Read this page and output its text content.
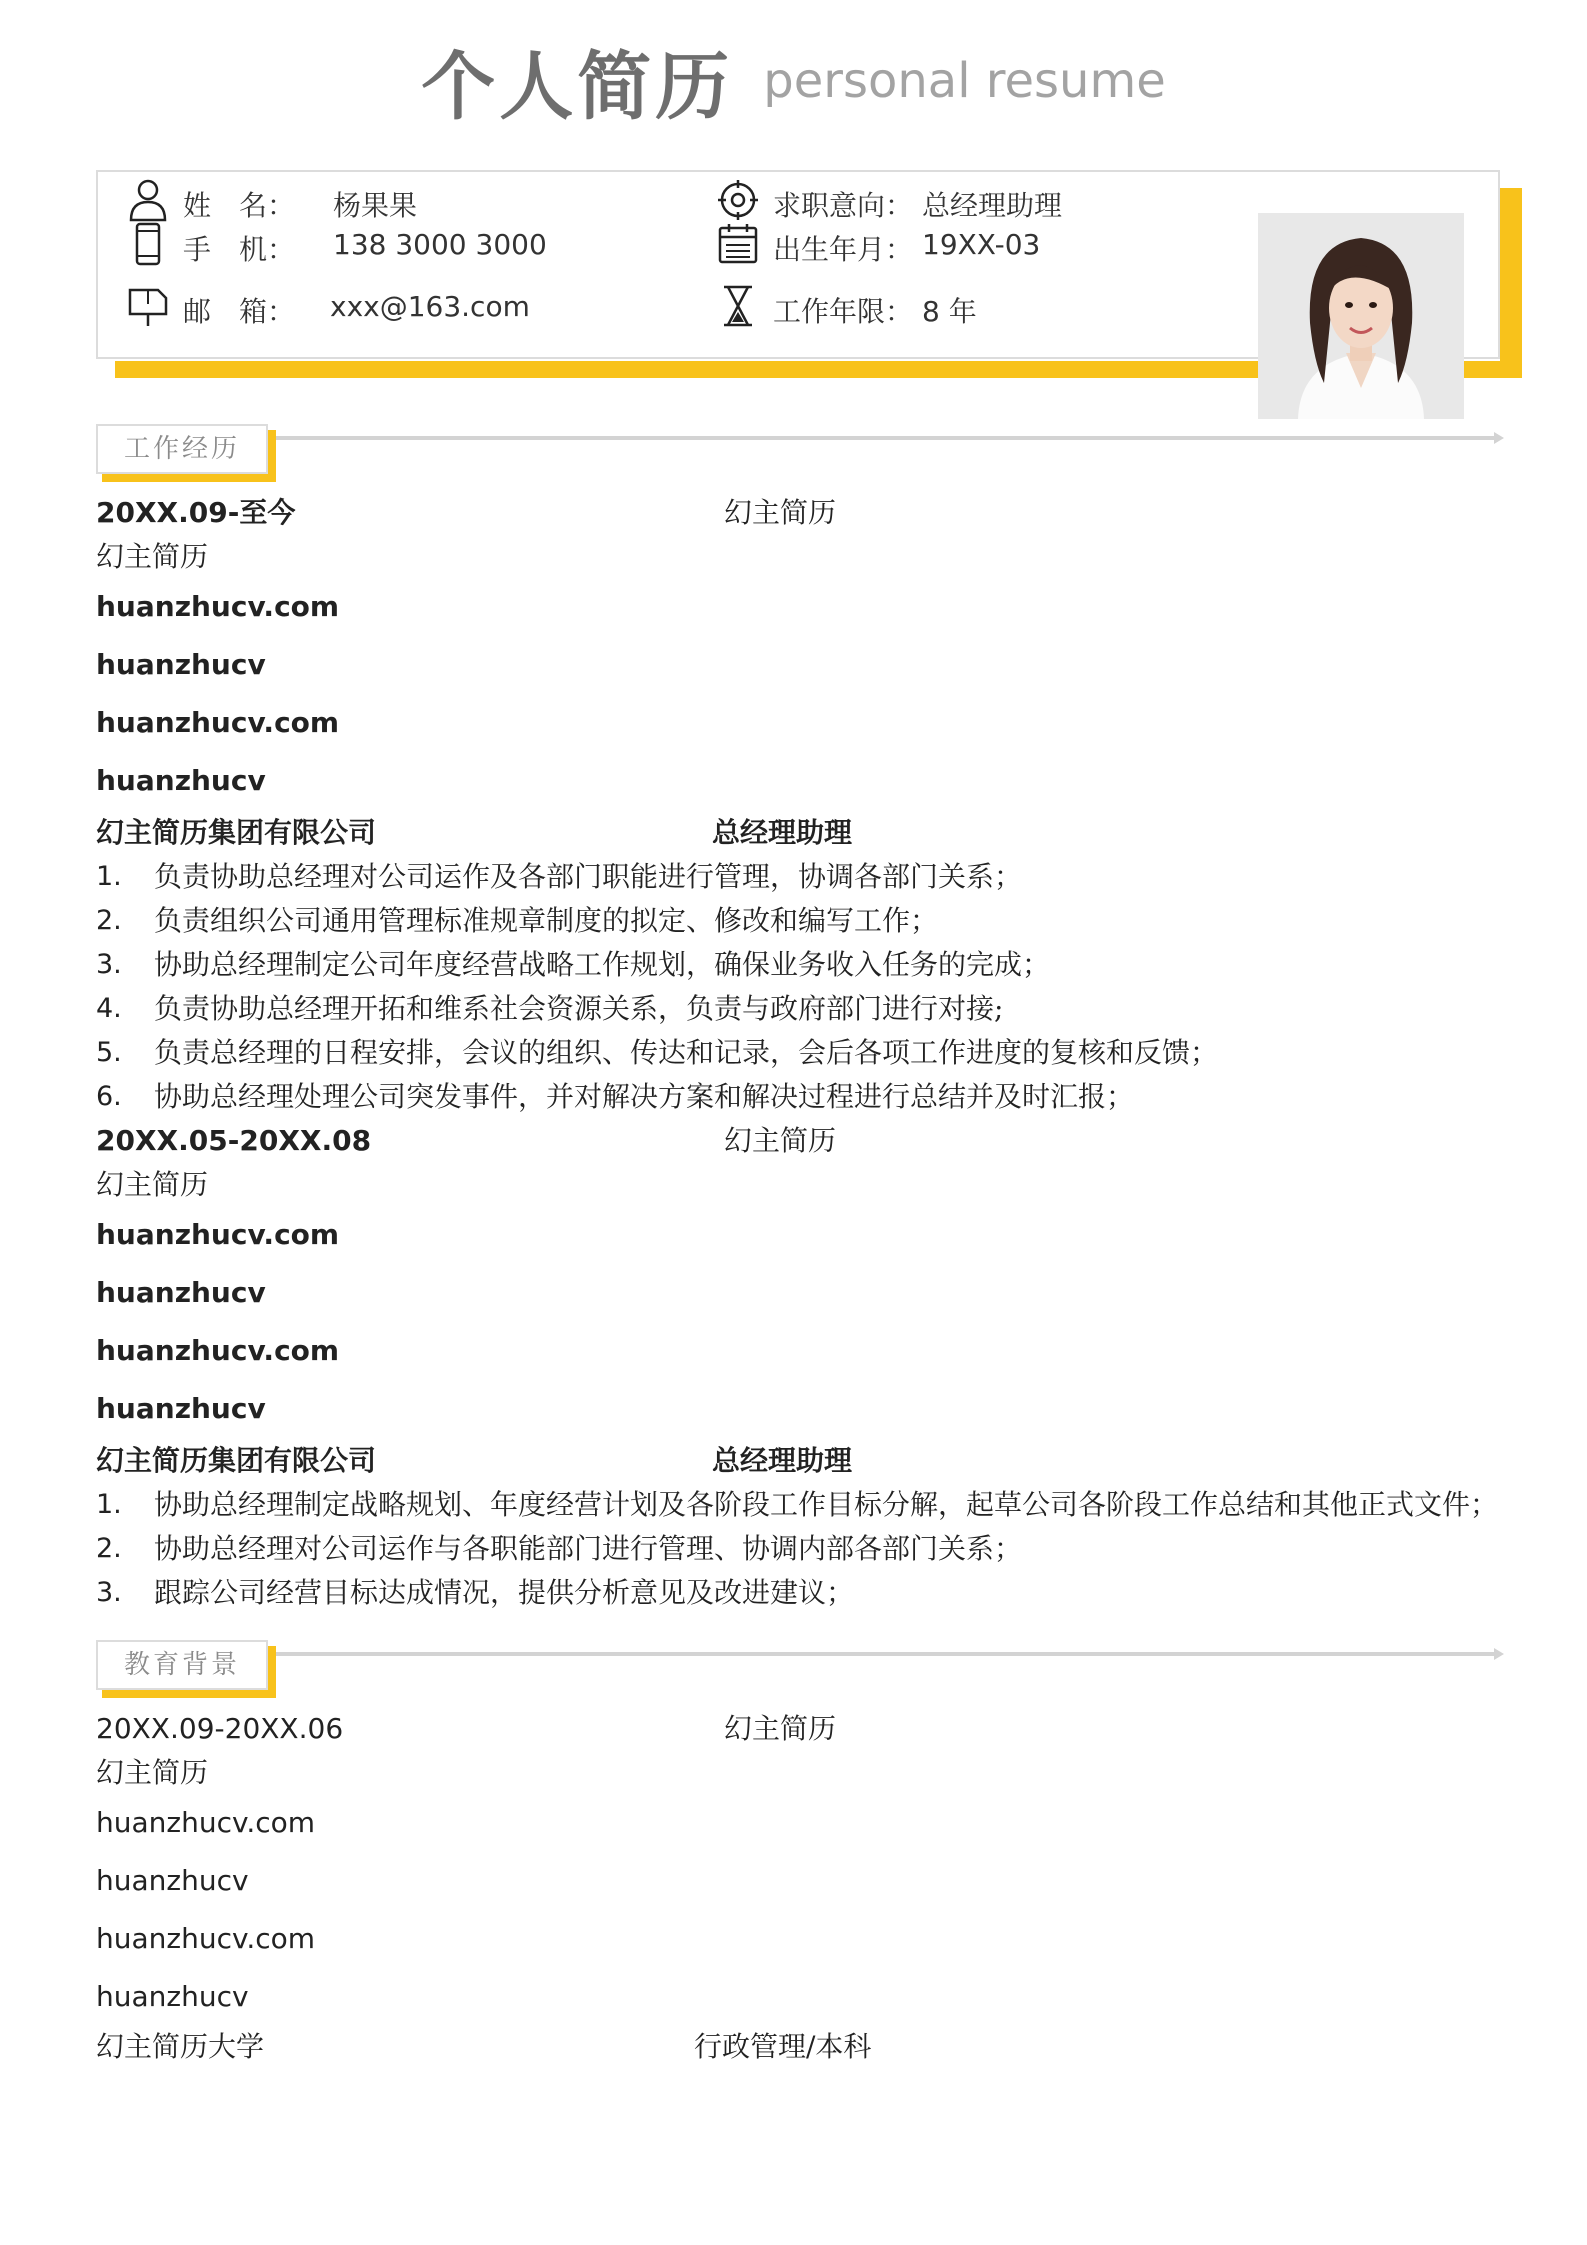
个人简历 personal resume
姓　名： 杨果果
手　机： 138 3000 3000
邮　箱： xxx@163.com
求职意向： 总经理助理
出生年月： 19XX-03
工作年限： 8 年
工作经历
20XX.09-至今	幻主简历
幻主简历
huanzhucv.com
huanzhucv
huanzhucv.com
huanzhucv
幻主简历集团有限公司	总经理助理
1. 负责协助总经理对公司运作及各部门职能进行管理，协调各部门关系；
2. 负责组织公司通用管理标准规章制度的拟定、修改和编写工作；
3. 协助总经理制定公司年度经营战略工作规划，确保业务收入任务的完成；
4. 负责协助总经理开拓和维系社会资源关系，负责与政府部门进行对接;
5. 负责总经理的日程安排，会议的组织、传达和记录，会后各项工作进度的复核和反馈；
6. 协助总经理处理公司突发事件，并对解决方案和解决过程进行总结并及时汇报；
20XX.05-20XX.08	幻主简历
幻主简历
huanzhucv.com
huanzhucv
huanzhucv.com
huanzhucv
幻主简历集团有限公司	总经理助理
1. 协助总经理制定战略规划、年度经营计划及各阶段工作目标分解，起草公司各阶段工作总结和其他正式文件；
2. 协助总经理对公司运作与各职能部门进行管理、协调内部各部门关系；
3. 跟踪公司经营目标达成情况，提供分析意见及改进建议；
教育背景
20XX.09-20XX.06	幻主简历
幻主简历
huanzhucv.com
huanzhucv
huanzhucv.com
huanzhucv
幻主简历大学	行政管理/本科
